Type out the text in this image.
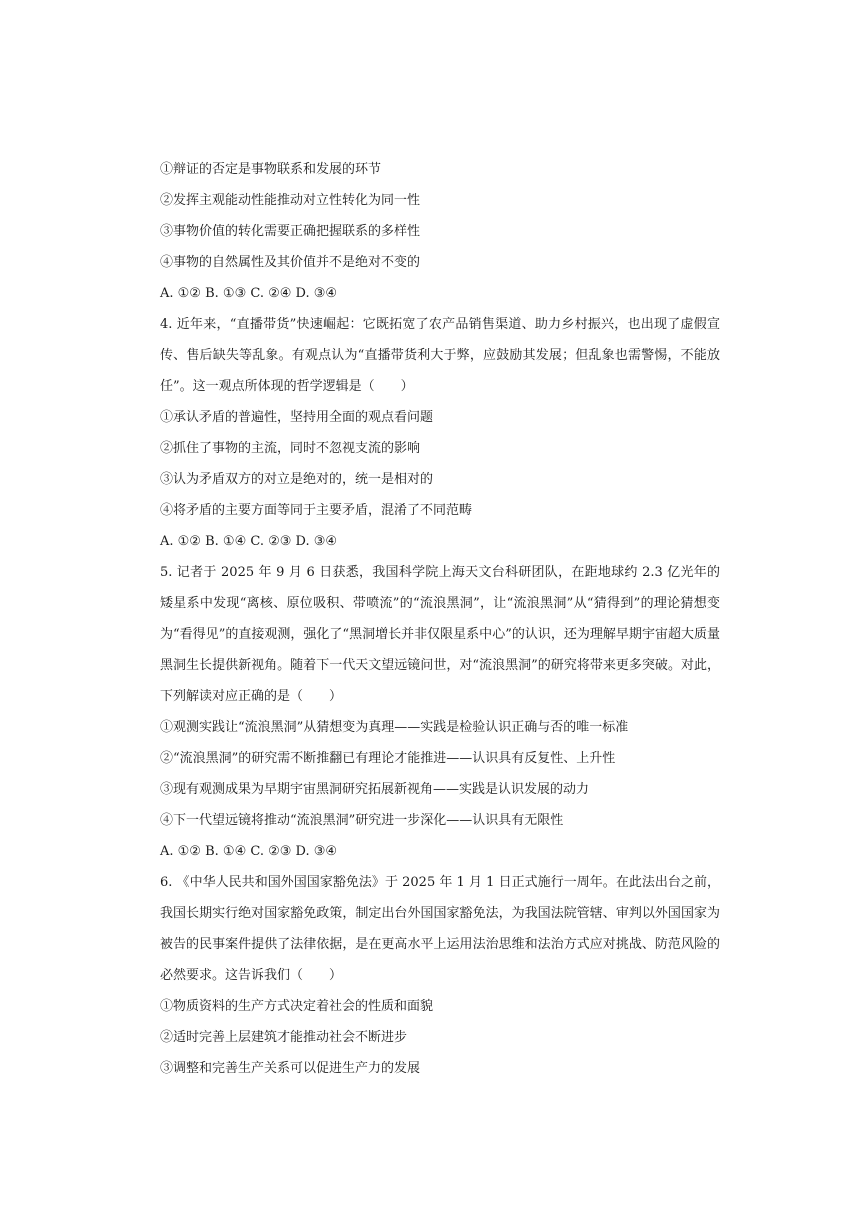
①辩证的否定是事物联系和发展的环节
②发挥主观能动性能推动对立性转化为同一性
③事物价值的转化需要正确把握联系的多样性
④事物的自然属性及其价值并不是绝对不变的
A. ①② B. ①③ C. ②④ D. ③④
4. 近年来，“直播带货”快速崛起：它既拓宽了农产品销售渠道、助力乡村振兴，也出现了虚假宣传、售后缺失等乱象。有观点认为“直播带货利大于弊，应鼓励其发展；但乱象也需警惕，不能放任”。这一观点所体现的哲学逻辑是（　　）
①承认矛盾的普遍性，坚持用全面的观点看问题
②抓住了事物的主流，同时不忽视支流的影响
③认为矛盾双方的对立是绝对的，统一是相对的
④将矛盾的主要方面等同于主要矛盾，混淆了不同范畴
A. ①② B. ①④ C. ②③ D. ③④
5. 记者于 2025 年 9 月 6 日获悉，我国科学院上海天文台科研团队，在距地球约 2.3 亿光年的矮星系中发现“离核、原位吸积、带喷流”的“流浪黑洞”，让“流浪黑洞”从“猜得到”的理论猜想变为“看得见”的直接观测，强化了“黑洞增长并非仅限星系中心”的认识，还为理解早期宇宙超大质量黑洞生长提供新视角。随着下一代天文望远镜问世，对“流浪黑洞”的研究将带来更多突破。对此，下列解读对应正确的是（　　）
①观测实践让“流浪黑洞”从猜想变为真理——实践是检验认识正确与否的唯一标准
②“流浪黑洞”的研究需不断推翻已有理论才能推进——认识具有反复性、上升性
③现有观测成果为早期宇宙黑洞研究拓展新视角——实践是认识发展的动力
④下一代望远镜将推动“流浪黑洞”研究进一步深化——认识具有无限性
A. ①② B. ①④ C. ②③ D. ③④
6. 《中华人民共和国外国国家豁免法》于 2025 年 1 月 1 日正式施行一周年。在此法出台之前，我国长期实行绝对国家豁免政策，制定出台外国国家豁免法，为我国法院管辖、审判以外国国家为被告的民事案件提供了法律依据，是在更高水平上运用法治思维和法治方式应对挑战、防范风险的必然要求。这告诉我们（　　）
①物质资料的生产方式决定着社会的性质和面貌
②适时完善上层建筑才能推动社会不断进步
③调整和完善生产关系可以促进生产力的发展
